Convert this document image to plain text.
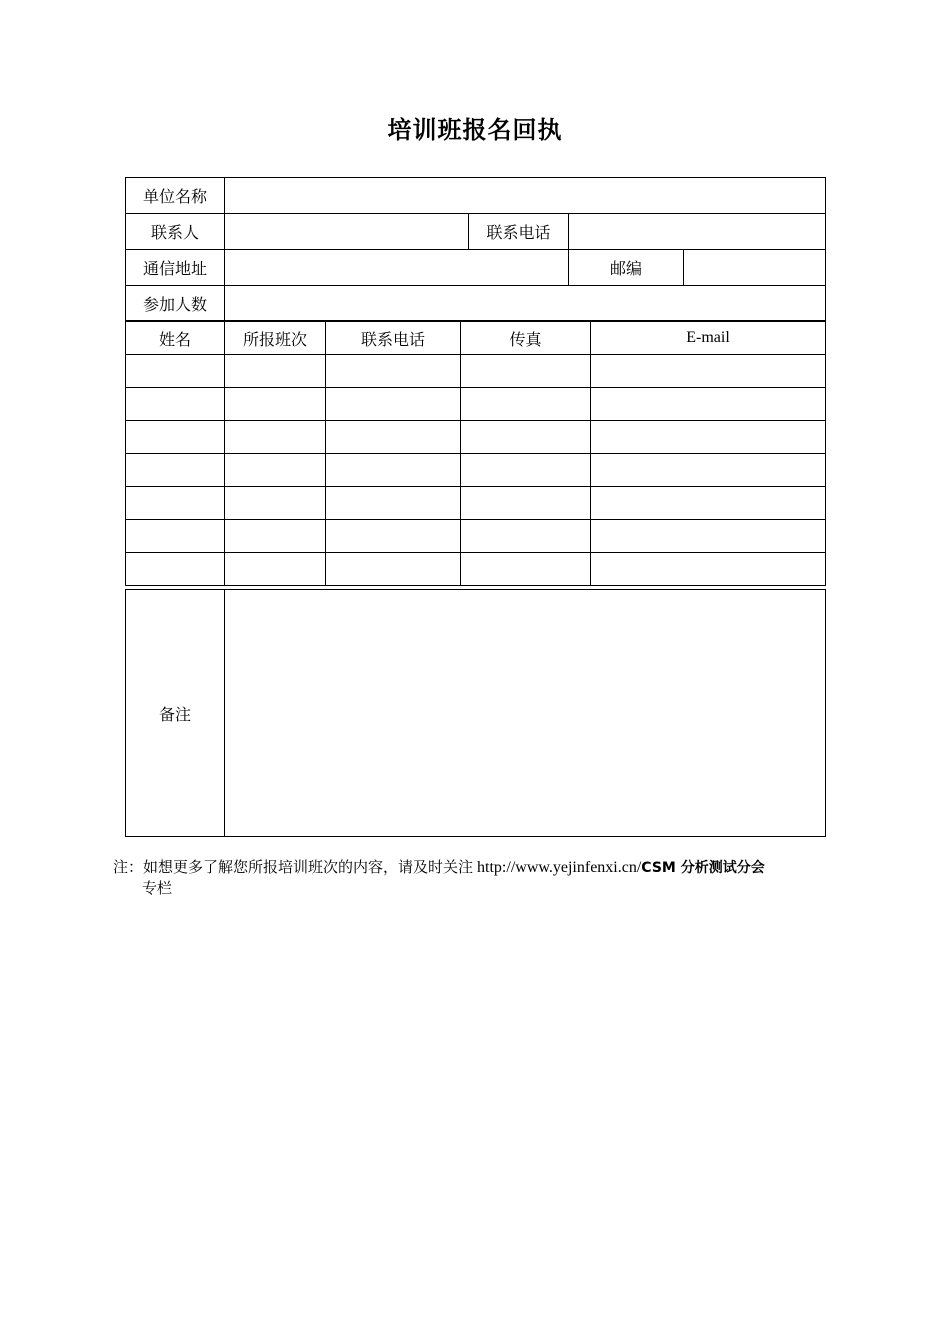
培训班报名回执
单位名称				
联系人		联系电话		
通信地址			邮编	
参加人数				
姓名	所报班次	联系电话	传真	E-mail

备注	
注：如想更多了解您所报培训班次的内容，请及时关注 http://www.yejinfenxi.cn/CSM 分析测试分会
专栏
